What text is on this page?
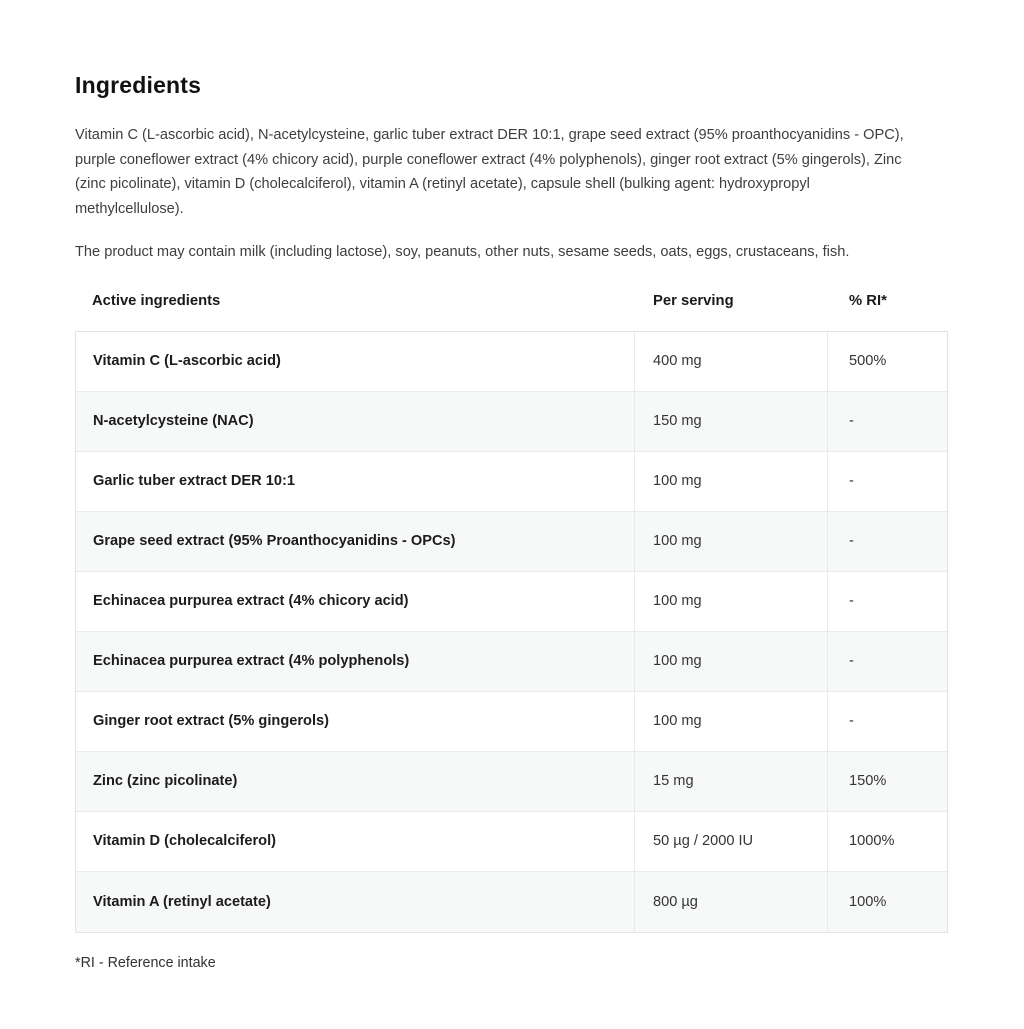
Ingredients

Vitamin C (L-ascorbic acid), N-acetylcysteine, garlic tuber extract DER 10:1, grape seed extract (95% proanthocyanidins - OPC), purple coneflower extract (4% chicory acid), purple coneflower extract (4% polyphenols), ginger root extract (5% gingerols), Zinc (zinc picolinate), vitamin D (cholecalciferol), vitamin A (retinyl acetate), capsule shell (bulking agent: hydroxypropyl methylcellulose).

The product may contain milk (including lactose), soy, peanuts, other nuts, sesame seeds, oats, eggs, crustaceans, fish.

Active ingredients	Per serving	% RI*
Vitamin C (L-ascorbic acid)	400 mg	500%
N-acetylcysteine (NAC)	150 mg	-
Garlic tuber extract DER 10:1	100 mg	-
Grape seed extract (95% Proanthocyanidins - OPCs)	100 mg	-
Echinacea purpurea extract (4% chicory acid)	100 mg	-
Echinacea purpurea extract (4% polyphenols)	100 mg	-
Ginger root extract (5% gingerols)	100 mg	-
Zinc (zinc picolinate)	15 mg	150%
Vitamin D (cholecalciferol)	50 µg / 2000 IU	1000%
Vitamin A (retinyl acetate)	800 µg	100%
*RI - Reference intake
